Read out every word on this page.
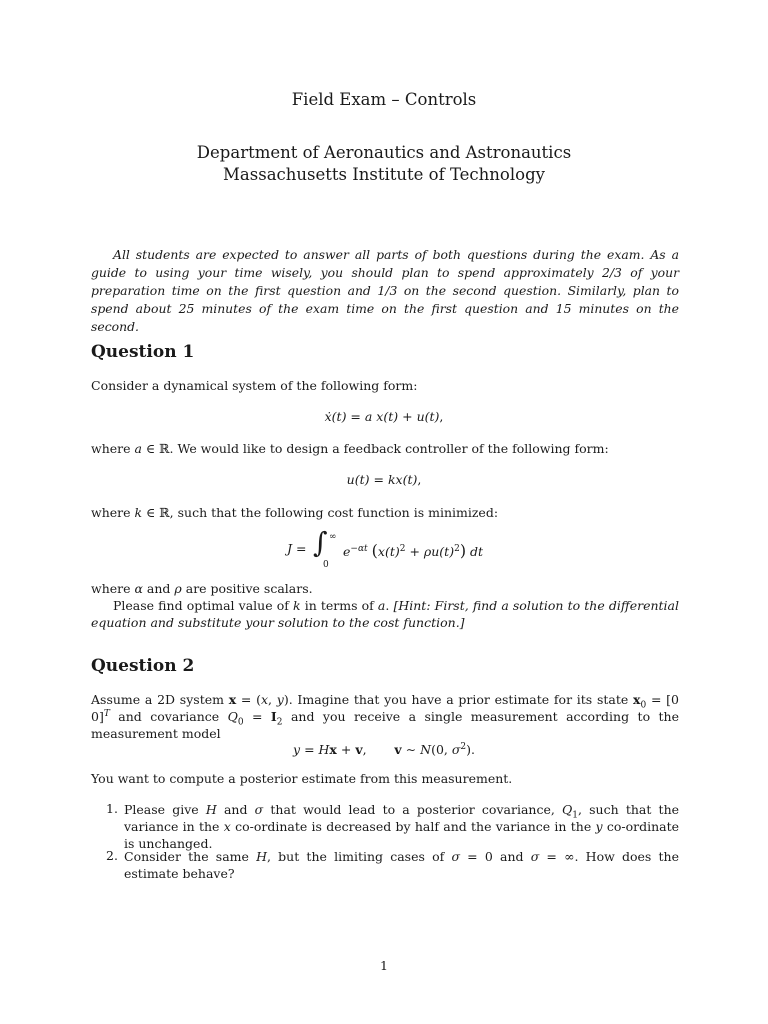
Field Exam – Controls
Department of Aeronautics and Astronautics
Massachusetts Institute of Technology
All students are expected to answer all parts of both questions during the exam. As a guide to using your time wisely, you should plan to spend approximately 2/3 of your preparation time on the first question and 1/3 on the second question. Similarly, plan to spend about 25 minutes of the exam time on the first question and 15 minutes on the second.
Question 1
Consider a dynamical system of the following form:
ẋ(t) = a x(t) + u(t),
where a ∈ ℝ. We would like to design a feedback controller of the following form:
u(t) = kx(t),
where k ∈ ℝ, such that the following cost function is minimized:
J = ∫ ∞
0
$e^{-\alpha t}$ $(x(t)^2 + \rho u(t)^2)$ dt
where α and ρ are positive scalars.
Please find optimal value of k in terms of a. [Hint: First, find a solution to the differential equation and substitute your solution to the cost function.]
Question 2
Assume a 2D system x = (x, y). Imagine that you have a prior estimate for its state $x_0 = [0$ 0]$^T$ and covariance $Q_0 = I_2$ and you receive a single measurement according to the measurement model
y = Hx + v, v ∼ N(0, $\sigma^2$).
You want to compute a posterior estimate from this measurement.
1. Please give H and σ that would lead to a posterior covariance, $Q_1$, such that the variance in the x co-ordinate is decreased by half and the variance in the y co-ordinate is unchanged.
2. Consider the same H, but the limiting cases of σ = 0 and σ = ∞. How does the estimate behave?
1
